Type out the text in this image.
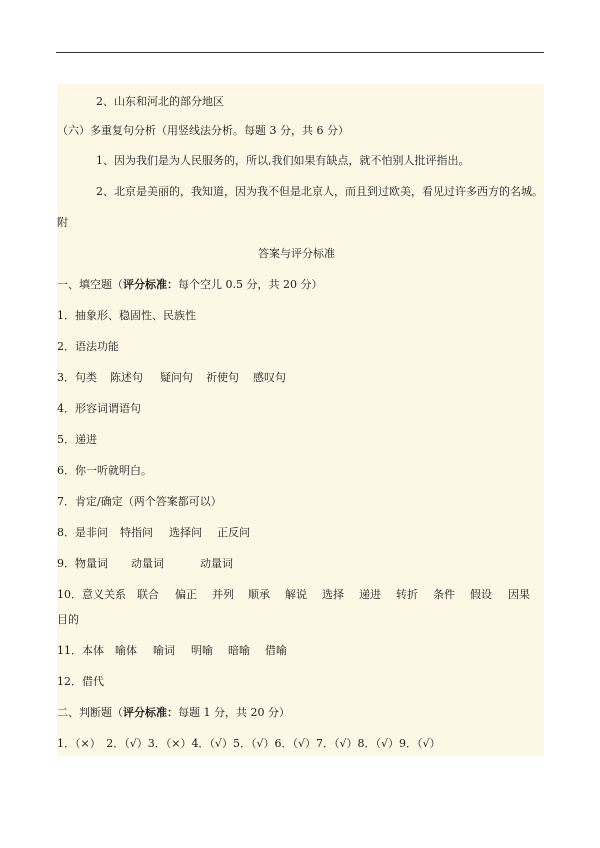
2、山东和河北的部分地区
（六）多重复句分析（用竖线法分析。每题 3 分，共 6 分）
1、因为我们是为人民服务的，所以,我们如果有缺点，就不怕别人批评指出。
2、北京是美丽的，我知道，因为我不但是北京人，而且到过欧美，看见过许多西方的名城。
附
答案与评分标准
一、填空题（评分标准：每个空儿 0.5 分，共 20 分）
1．抽象形、稳固性、民族性
2．语法功能
3．句类 陈述句 疑问句 祈使句 感叹句
4．形容词谓语句
5．递进
6．你一听就明白。
7．肯定/确定（两个答案都可以）
8．是非问 特指问 选择问 正反问
9．物量词 动量词	动量词
10．意义关系 联合 偏正 并列 顺承 解说 选择 递进 转折 条件 假设 因果
目的
11．本体 喻体 喻词 明喻 暗喻 借喻
12．借代
二、判断题（评分标准：每题 1 分，共 20 分）
1．（×）　2．（√）3．（×）4．（√）5．（√）6．（√）7．（√）8．（√）9．（√）
